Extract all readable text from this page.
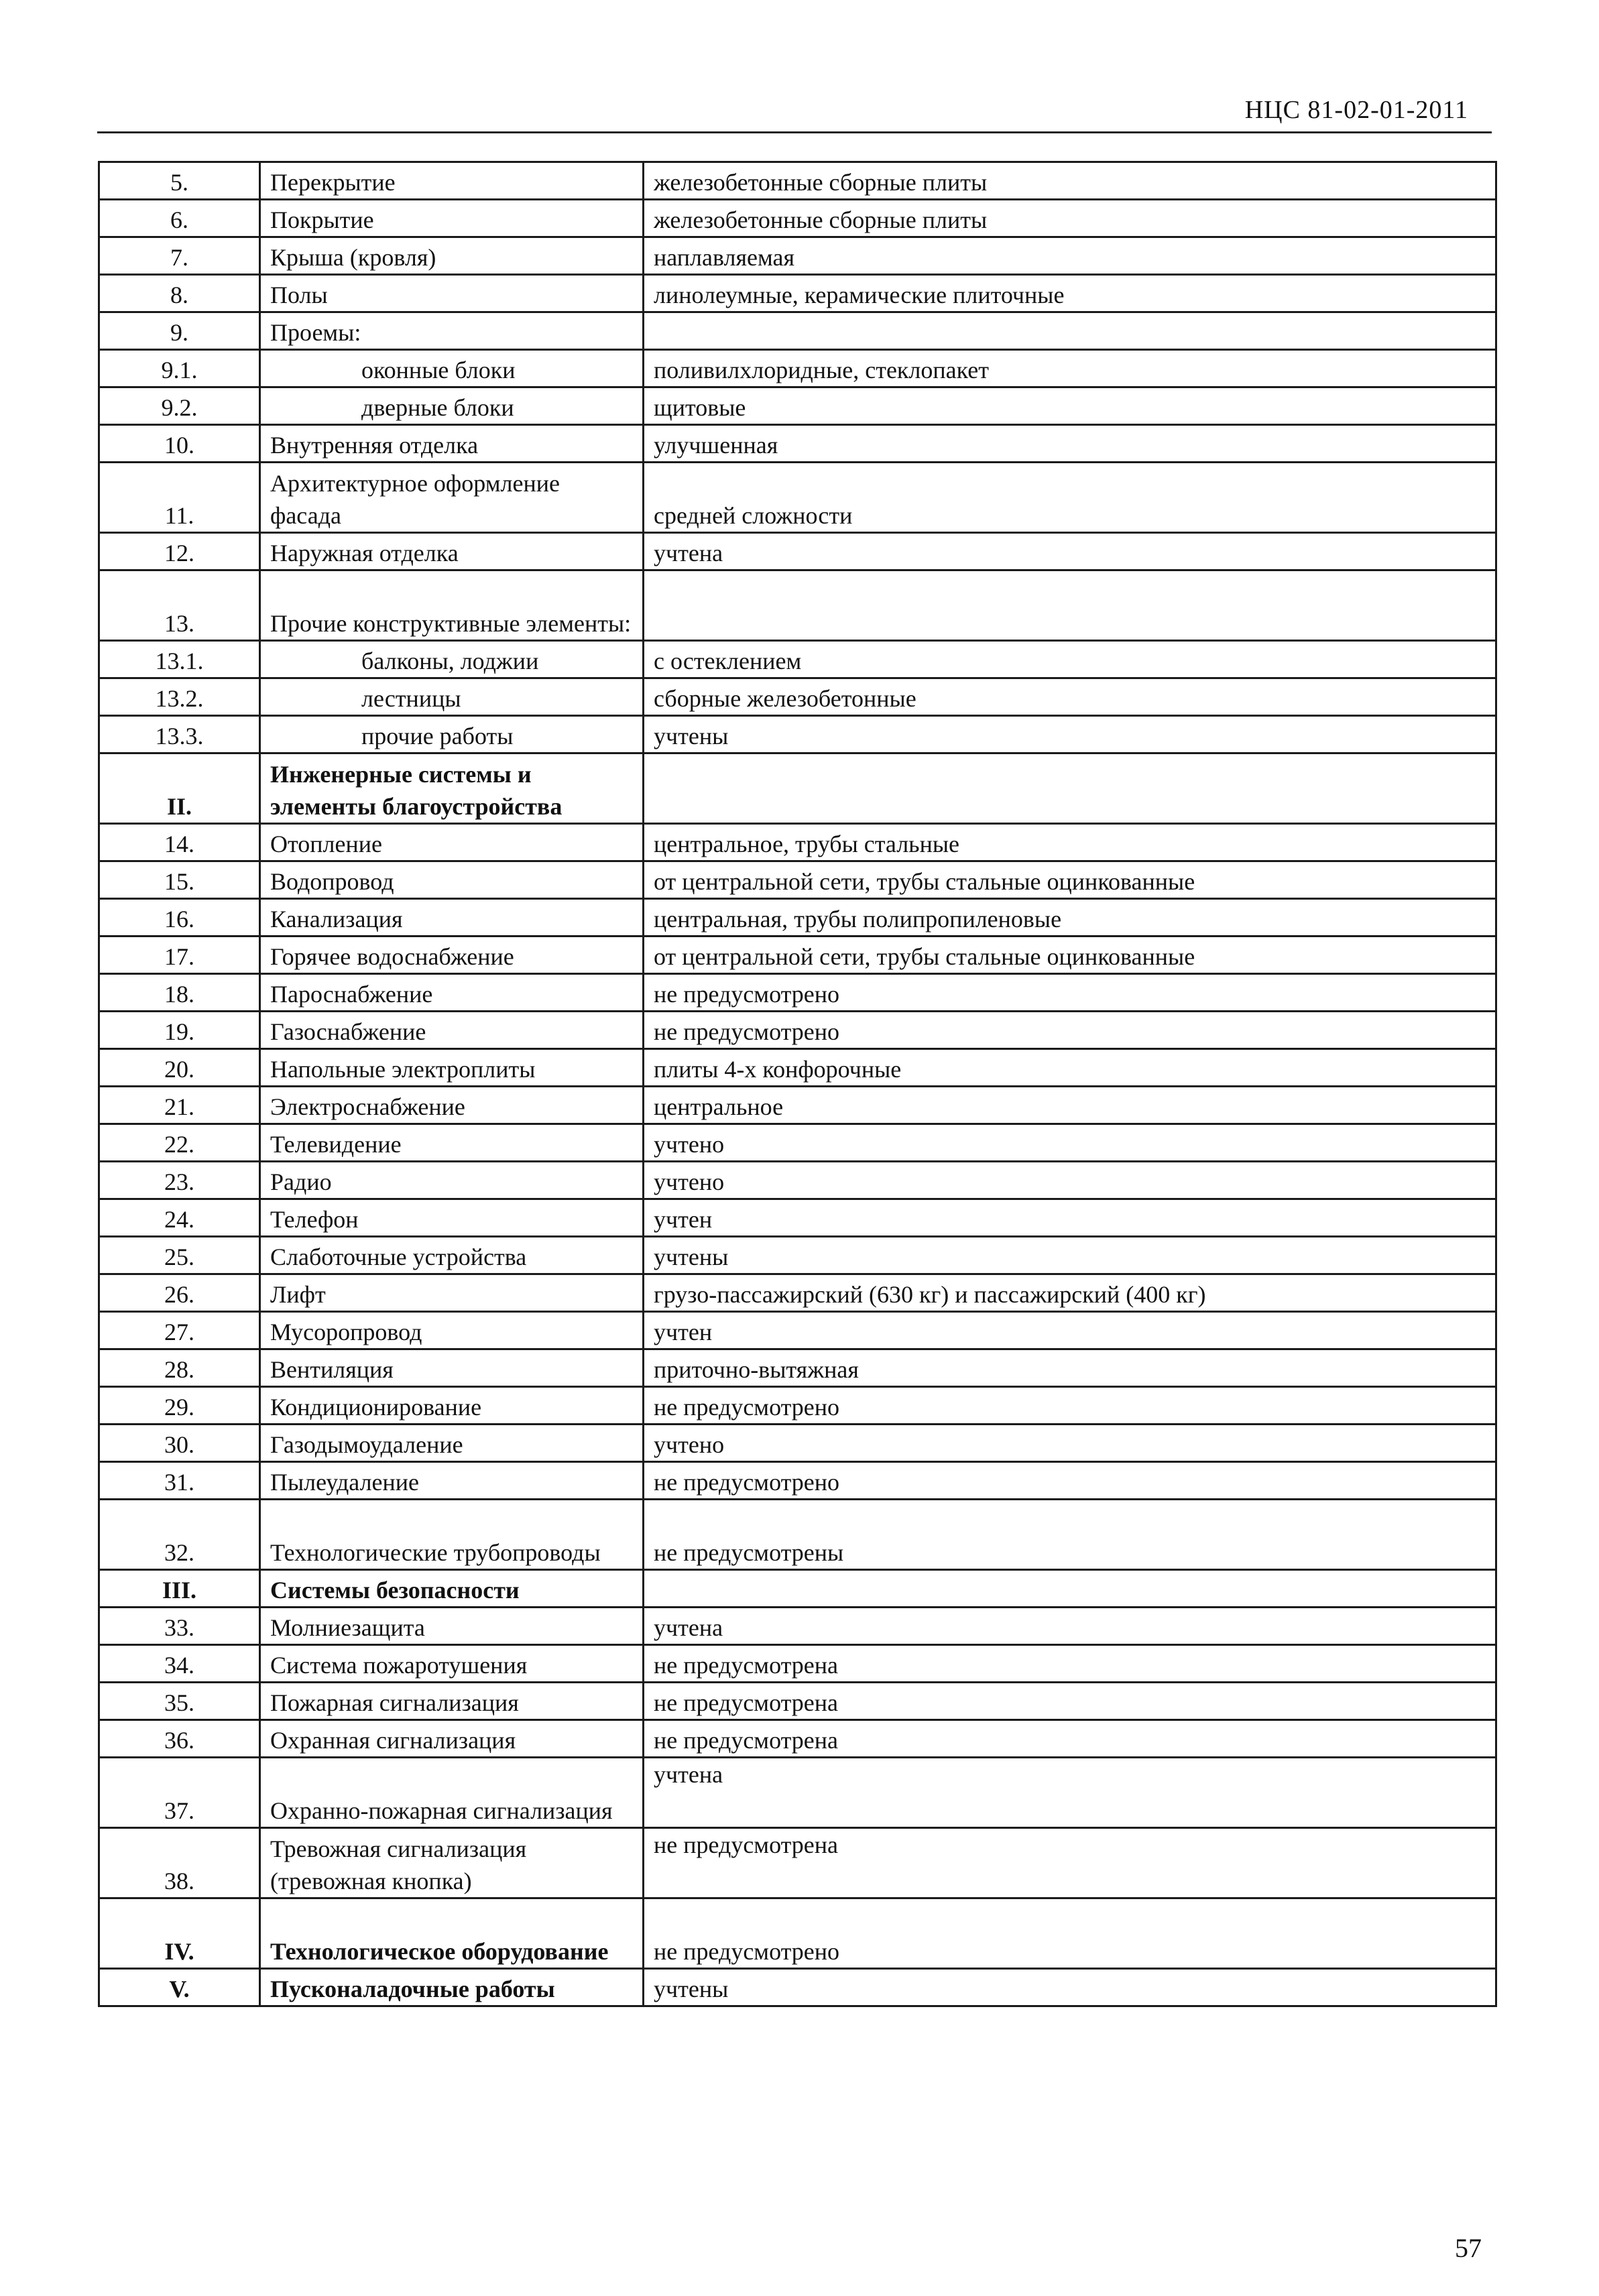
НЦС 81-02-01-2011
5.	Перекрытие	железобетонные сборные плиты
6.	Покрытие	железобетонные сборные плиты
7.	Крыша (кровля)	наплавляемая
8.	Полы	линолеумные, керамические плиточные
9.	Проемы:	
9.1.	оконные блоки	поливилхлоридные, стеклопакет
9.2.	дверные блоки	щитовые
10.	Внутренняя отделка	улучшенная
11.	Архитектурное оформление фасада	средней сложности
12.	Наружная отделка	учтена
13.	Прочие конструктивные элементы:	
13.1.	балконы, лоджии	с остеклением
13.2.	лестницы	сборные железобетонные
13.3.	прочие работы	учтены
II.	Инженерные системы и элементы благоустройства	
14.	Отопление	центральное, трубы стальные
15.	Водопровод	от центральной сети, трубы стальные оцинкованные
16.	Канализация	центральная, трубы полипропиленовые
17.	Горячее водоснабжение	от центральной сети, трубы стальные оцинкованные
18.	Пароснабжение	не предусмотрено
19.	Газоснабжение	не предусмотрено
20.	Напольные электроплиты	плиты 4-х конфорочные
21.	Электроснабжение	центральное
22.	Телевидение	учтено
23.	Радио	учтено
24.	Телефон	учтен
25.	Слаботочные устройства	учтены
26.	Лифт	грузо-пассажирский (630 кг) и пассажирский (400 кг)
27.	Мусоропровод	учтен
28.	Вентиляция	приточно-вытяжная
29.	Кондиционирование	не предусмотрено
30.	Газодымоудаление	учтено
31.	Пылеудаление	не предусмотрено
32.	Технологические трубопроводы	не предусмотрены
III.	Системы безопасности	
33.	Молниезащита	учтена
34.	Система пожаротушения	не предусмотрена
35.	Пожарная сигнализация	не предусмотрена
36.	Охранная сигнализация	не предусмотрена
37.	Охранно-пожарная сигнализация	учтена
38.	Тревожная сигнализация (тревожная кнопка)	не предусмотрена
IV.	Технологическое оборудование	не предусмотрено
V.	Пусконаладочные работы	учтены
57
